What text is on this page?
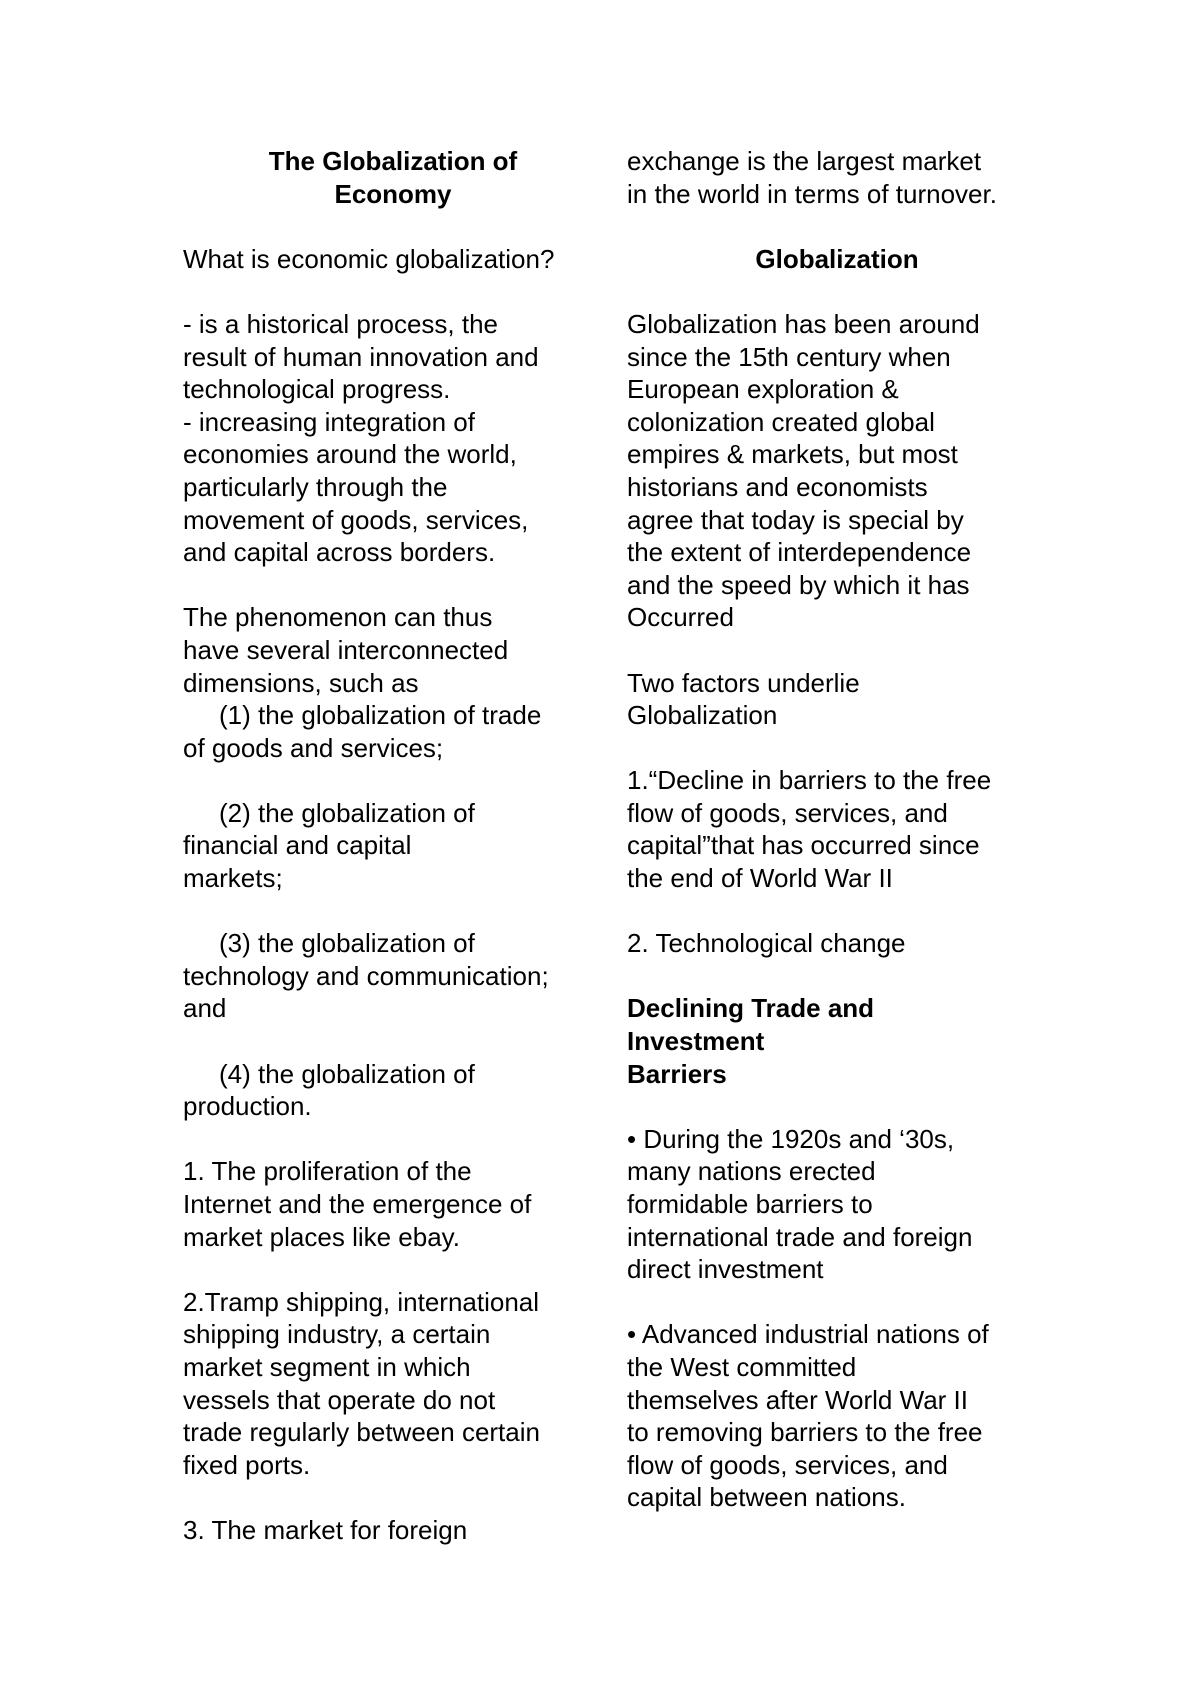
The Globalization of
Economy
What is economic globalization?
- is a historical process, the
result of human innovation and
technological progress.
- increasing integration of
economies around the world,
particularly through the
movement of goods, services,
and capital across borders.
The phenomenon can thus
have several interconnected
dimensions, such as
(1) the globalization of trade
of goods and services;
(2) the globalization of
financial and capital
markets;
(3) the globalization of
technology and communication;
and
(4) the globalization of
production.
1. The proliferation of the
Internet and the emergence of
market places like ebay.
2.Tramp shipping, international
shipping industry, a certain
market segment in which
vessels that operate do not
trade regularly between certain
fixed ports.
3. The market for foreign
exchange is the largest market
in the world in terms of turnover.
Globalization
Globalization has been around
since the 15th century when
European exploration &
colonization created global
empires & markets, but most
historians and economists
agree that today is special by
the extent of interdependence
and the speed by which it has
Occurred
Two factors underlie
Globalization
1.“Decline in barriers to the free
flow of goods, services, and
capital”that has occurred since
the end of World War II
2. Technological change
Declining Trade and
Investment
Barriers
• During the 1920s and ‘30s,
many nations erected
formidable barriers to
international trade and foreign
direct investment
• Advanced industrial nations of
the West committed
themselves after World War II
to removing barriers to the free
flow of goods, services, and
capital between nations.
